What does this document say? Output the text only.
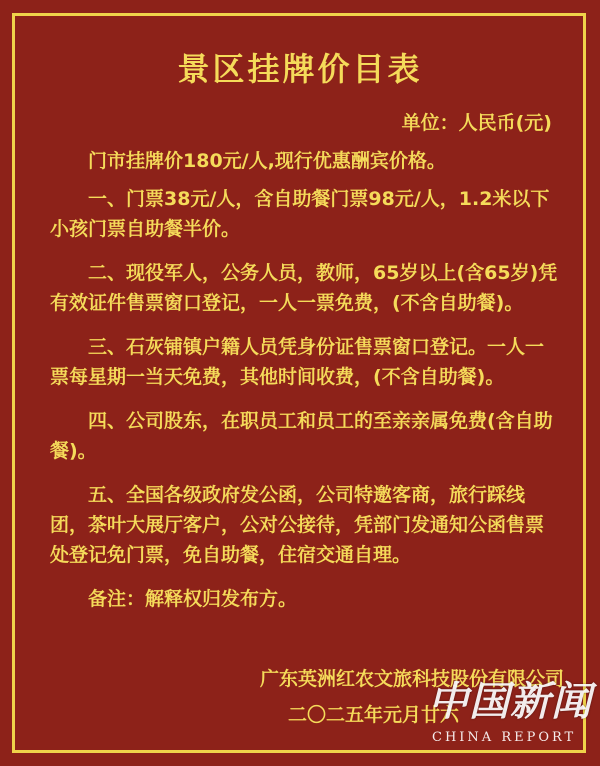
景区挂牌价目表
单位：人民币(元)

门市挂牌价180元/人,现行优惠酬宾价格。

一、门票38元/人，含自助餐门票98元/人，1.2米以下小孩门票自助餐半价。

二、现役军人，公务人员，教师，65岁以上(含65岁)凭有效证件售票窗口登记，一人一票免费，(不含自助餐)。

三、石灰铺镇户籍人员凭身份证售票窗口登记。一人一票每星期一当天免费，其他时间收费，(不含自助餐)。

四、公司股东，在职员工和员工的至亲亲属免费(含自助餐)。

五、全国各级政府发公函，公司特邀客商，旅行踩线团，茶叶大展厅客户，公对公接待，凭部门发通知公函售票处登记免门票，免自助餐，住宿交通自理。

备注：解释权归发布方。

广东英洲红农文旅科技股份有限公司
二〇二五年元月廿六
中国新闻
CHINA REPORT
